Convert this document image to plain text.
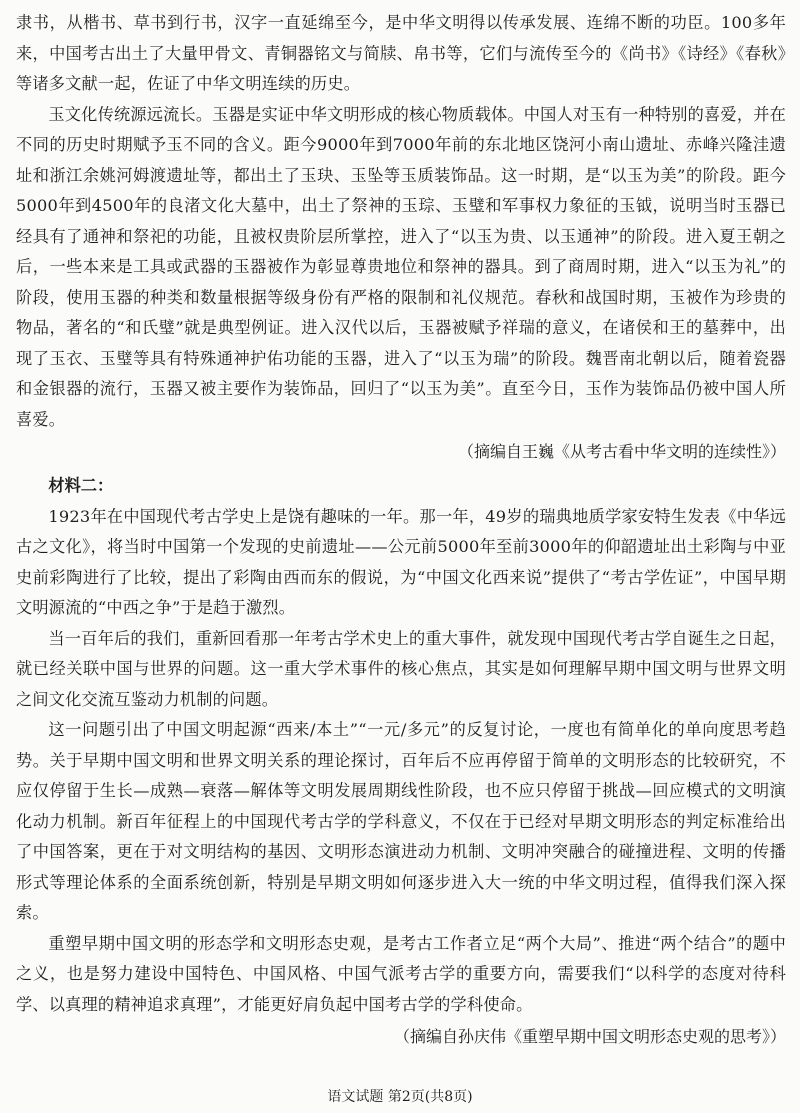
隶书，从楷书、草书到行书，汉字一直延绵至今，是中华文明得以传承发展、连绵不断的功臣。100多年来，中国考古出土了大量甲骨文、青铜器铭文与简牍、帛书等，它们与流传至今的《尚书》《诗经》《春秋》等诸多文献一起，佐证了中华文明连续的历史。

玉文化传统源远流长。玉器是实证中华文明形成的核心物质载体。中国人对玉有一种特别的喜爱，并在不同的历史时期赋予玉不同的含义。距今9000年到7000年前的东北地区饶河小南山遗址、赤峰兴隆洼遗址和浙江余姚河姆渡遗址等，都出土了玉玦、玉坠等玉质装饰品。这一时期，是“以玉为美”的阶段。距今5000年到4500年的良渚文化大墓中，出土了祭神的玉琮、玉璧和军事权力象征的玉钺，说明当时玉器已经具有了通神和祭祀的功能，且被权贵阶层所掌控，进入了“以玉为贵、以玉通神”的阶段。进入夏王朝之后，一些本来是工具或武器的玉器被作为彰显尊贵地位和祭神的器具。到了商周时期，进入“以玉为礼”的阶段，使用玉器的种类和数量根据等级身份有严格的限制和礼仪规范。春秋和战国时期，玉被作为珍贵的物品，著名的“和氏璧”就是典型例证。进入汉代以后，玉器被赋予祥瑞的意义，在诸侯和王的墓葬中，出现了玉衣、玉璧等具有特殊通神护佑功能的玉器，进入了“以玉为瑞”的阶段。魏晋南北朝以后，随着瓷器和金银器的流行，玉器又被主要作为装饰品，回归了“以玉为美”。直至今日，玉作为装饰品仍被中国人所喜爱。

（摘编自王巍《从考古看中华文明的连续性》）

材料二：

1923年在中国现代考古学史上是饶有趣味的一年。那一年，49岁的瑞典地质学家安特生发表《中华远古之文化》，将当时中国第一个发现的史前遗址——公元前5000年至前3000年的仰韶遗址出土彩陶与中亚史前彩陶进行了比较，提出了彩陶由西而东的假说，为“中国文化西来说”提供了“考古学佐证”，中国早期文明源流的“中西之争”于是趋于激烈。

当一百年后的我们，重新回看那一年考古学术史上的重大事件，就发现中国现代考古学自诞生之日起，就已经关联中国与世界的问题。这一重大学术事件的核心焦点，其实是如何理解早期中国文明与世界文明之间文化交流互鉴动力机制的问题。

这一问题引出了中国文明起源“西来/本土”“一元/多元”的反复讨论，一度也有简单化的单向度思考趋势。关于早期中国文明和世界文明关系的理论探讨，百年后不应再停留于简单的文明形态的比较研究，不应仅停留于生长—成熟—衰落—解体等文明发展周期线性阶段，也不应只停留于挑战—回应模式的文明演化动力机制。新百年征程上的中国现代考古学的学科意义，不仅在于已经对早期文明形态的判定标准给出了中国答案，更在于对文明结构的基因、文明形态演进动力机制、文明冲突融合的碰撞进程、文明的传播形式等理论体系的全面系统创新，特别是早期文明如何逐步进入大一统的中华文明过程，值得我们深入探索。

重塑早期中国文明的形态学和文明形态史观，是考古工作者立足“两个大局”、推进“两个结合”的题中之义，也是努力建设中国特色、中国风格、中国气派考古学的重要方向，需要我们“以科学的态度对待科学、以真理的精神追求真理”，才能更好肩负起中国考古学的学科使命。

（摘编自孙庆伟《重塑早期中国文明形态史观的思考》）

语文试题 第2页(共8页)
